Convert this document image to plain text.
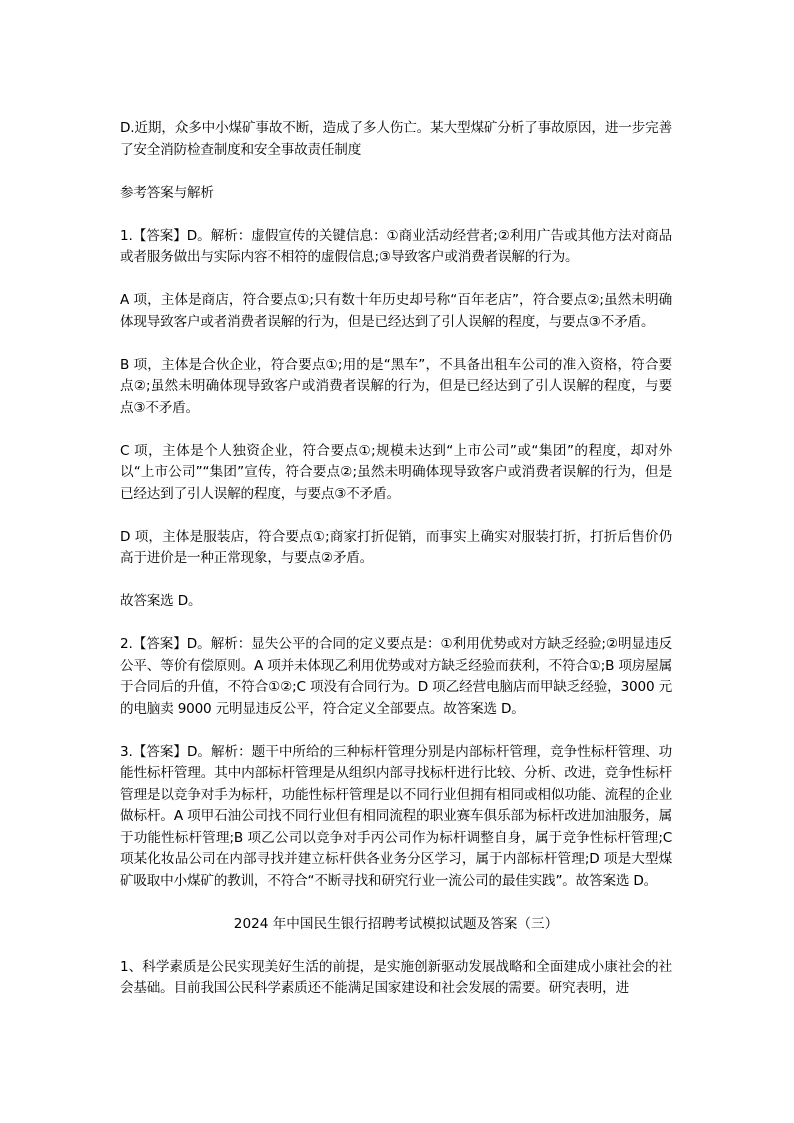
D.近期，众多中小煤矿事故不断，造成了多人伤亡。某大型煤矿分析了事故原因，进一步完善了安全消防检查制度和安全事故责任制度

参考答案与解析

1.【答案】D。解析：虚假宣传的关键信息：①商业活动经营者;②利用广告或其他方法对商品或者服务做出与实际内容不相符的虚假信息;③导致客户或消费者误解的行为。

A 项，主体是商店，符合要点①;只有数十年历史却号称“百年老店”，符合要点②;虽然未明确体现导致客户或者消费者误解的行为，但是已经达到了引人误解的程度，与要点③不矛盾。

B 项，主体是合伙企业，符合要点①;用的是“黑车”，不具备出租车公司的准入资格，符合要点②;虽然未明确体现导致客户或消费者误解的行为，但是已经达到了引人误解的程度，与要点③不矛盾。

C 项，主体是个人独资企业，符合要点①;规模未达到“上市公司”或“集团”的程度，却对外以“上市公司”“集团”宣传，符合要点②;虽然未明确体现导致客户或消费者误解的行为，但是已经达到了引人误解的程度，与要点③不矛盾。

D 项，主体是服装店，符合要点①;商家打折促销，而事实上确实对服装打折，打折后售价仍高于进价是一种正常现象，与要点②矛盾。

故答案选 D。

2.【答案】D。解析：显失公平的合同的定义要点是：①利用优势或对方缺乏经验;②明显违反公平、等价有偿原则。A 项并未体现乙利用优势或对方缺乏经验而获利，不符合①;B 项房屋属于合同后的升值，不符合①②;C 项没有合同行为。D 项乙经营电脑店而甲缺乏经验，3000 元的电脑卖 9000 元明显违反公平，符合定义全部要点。故答案选 D。

3.【答案】D。解析：题干中所给的三种标杆管理分别是内部标杆管理，竞争性标杆管理、功能性标杆管理。其中内部标杆管理是从组织内部寻找标杆进行比较、分析、改进，竞争性标杆管理是以竞争对手为标杆，功能性标杆管理是以不同行业但拥有相同或相似功能、流程的企业做标杆。A 项甲石油公司找不同行业但有相同流程的职业赛车俱乐部为标杆改进加油服务，属于功能性标杆管理;B 项乙公司以竞争对手丙公司作为标杆调整自身，属于竞争性标杆管理;C 项某化妆品公司在内部寻找并建立标杆供各业务分区学习，属于内部标杆管理;D 项是大型煤矿吸取中小煤矿的教训，不符合“不断寻找和研究行业一流公司的最佳实践”。故答案选 D。

2024 年中国民生银行招聘考试模拟试题及答案（三）

1、科学素质是公民实现美好生活的前提，是实施创新驱动发展战略和全面建成小康社会的社会基础。目前我国公民科学素质还不能满足国家建设和社会发展的需要。研究表明，进
